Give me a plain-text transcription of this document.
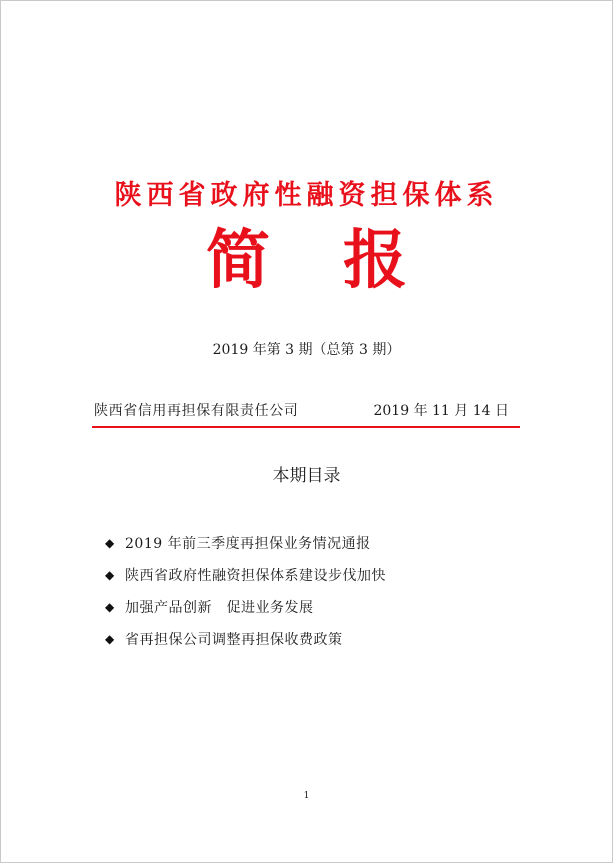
陕西省政府性融资担保体系
简 报
2019 年第 3 期（总第 3 期）
陕西省信用再担保有限责任公司	2019 年 11 月 14 日
本期目录
◆ 2019 年前三季度再担保业务情况通报
◆ 陕西省政府性融资担保体系建设步伐加快
◆ 加强产品创新　促进业务发展
◆ 省再担保公司调整再担保收费政策
1
